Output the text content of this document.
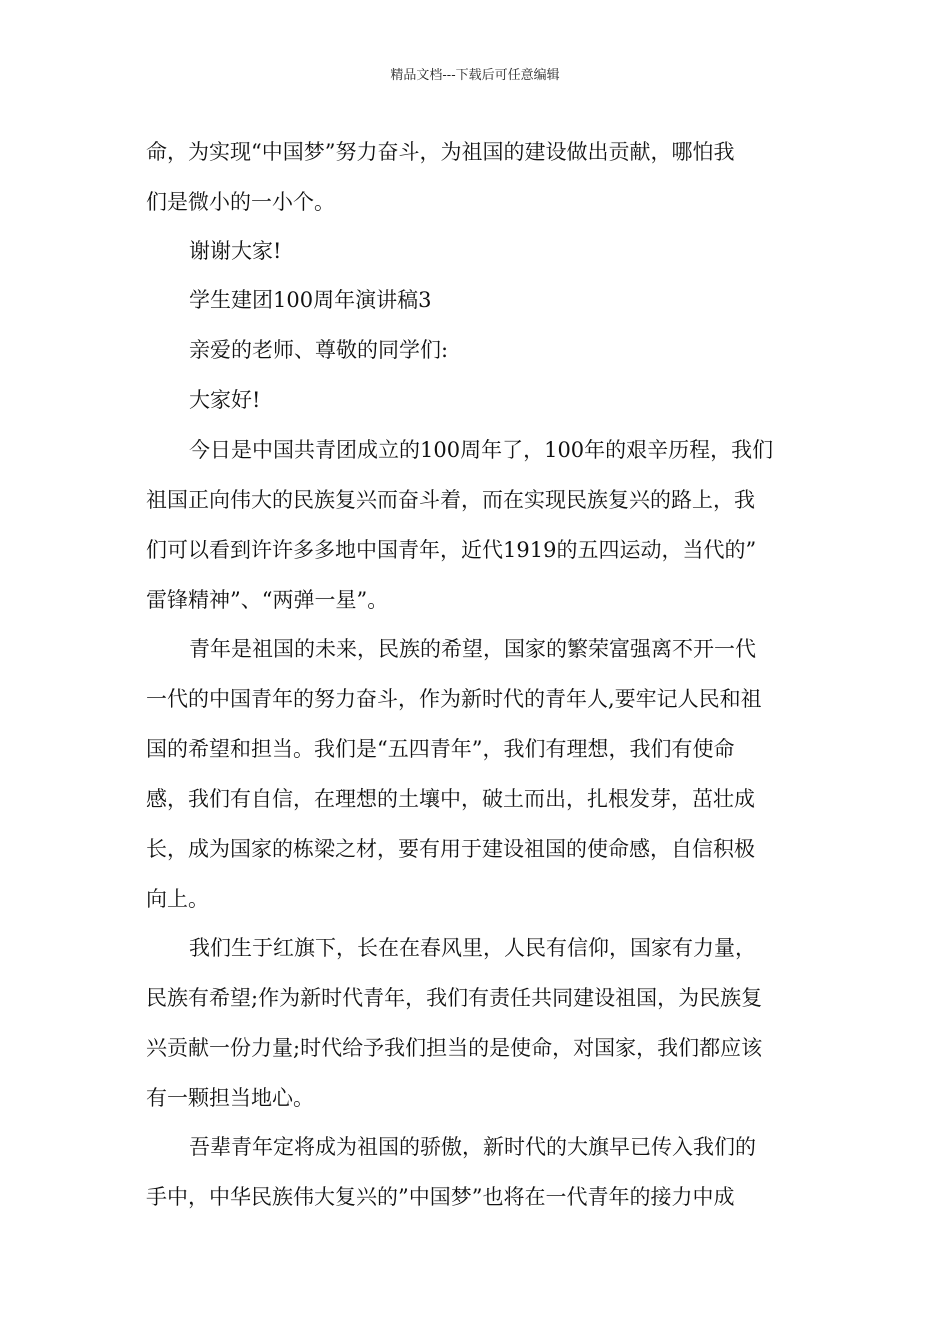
精品文档---下载后可任意编辑
命，为实现“中国梦”努力奋斗，为祖国的建设做出贡献，哪怕我
们是微小的一小个。
谢谢大家!
学生建团100周年演讲稿3
亲爱的老师、尊敬的同学们:
大家好!
今日是中国共青团成立的100周年了，100年的艰辛历程，我们
祖国正向伟大的民族复兴而奋斗着，而在实现民族复兴的路上，我
们可以看到许许多多地中国青年，近代1919的五四运动，当代的”
雷锋精神”、“两弹一星”。
青年是祖国的未来，民族的希望，国家的繁荣富强离不开一代
一代的中国青年的努力奋斗，作为新时代的青年人,要牢记人民和祖
国的希望和担当。我们是“五四青年”，我们有理想，我们有使命
感，我们有自信，在理想的土壤中，破土而出，扎根发芽，茁壮成
长，成为国家的栋梁之材，要有用于建设祖国的使命感，自信积极
向上。
我们生于红旗下，长在在春风里，人民有信仰，国家有力量，
民族有希望;作为新时代青年，我们有责任共同建设祖国，为民族复
兴贡献一份力量;时代给予我们担当的是使命，对国家，我们都应该
有一颗担当地心。
吾辈青年定将成为祖国的骄傲，新时代的大旗早已传入我们的
手中，中华民族伟大复兴的”中国梦”也将在一代青年的接力中成
